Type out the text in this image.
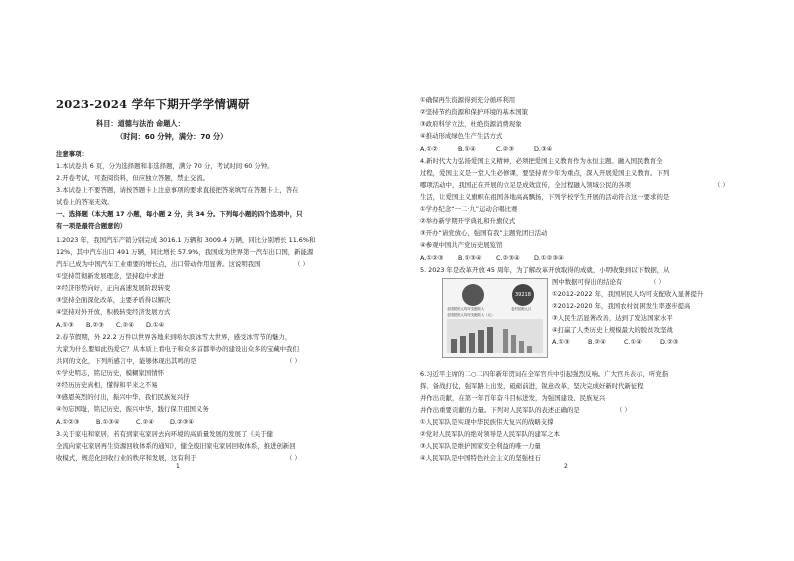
2023-2024 学年下期开学学情调研
科目：道德与法治 命题人：
（时间：60 分钟，满分：70 分）
注意事项：
1.本试卷共 6 页，分为选择题和非选择题，满分 70 分，考试时间 60 分钟。
2.开卷考试，可查阅资料，但应独立答题，禁止交流。
3.本试卷上不要答题，请按答题卡上注意事项的要求直接把答案填写在答题卡上，答在
试卷上的答案无效。
一、选择题（本大题 17 小题，每小题 2 分，共 34 分。下列每小题的四个选项中，只
有一项是最符合题意的）
1.2023 年，我国汽车产销分别完成 3016.1 万辆和 3009.4 万辆，同比分别增长 11.6%和
12%，其中汽车出口 491 万辆，同比增长 57.9%，我国成为世界第一汽车出口国，新能源
汽车已成为中国汽车工业重要的增长点，出口带动作用显著。这说明我国	（ ）
①坚持贯彻新发展理念，坚持稳中求进
②经济形势向好，正向高速发展阶段转变
③坚持全面深化改革，主要矛盾得以解决
④坚持对外开放，积极转变经济发展方式
A.①③ B.②③ C.②④ D.①④
2.春节假期，外 22.2 万件以世界各地来到哈尔滨冰雪大世界，感受冰雪节的魅力，
大家为什么要如此热爱它？从本质上看电子和众多首都举办的建设出众多的宝藏中我们
共同的文化，下列所感言中，能够体现出其鸣的是	（ ）
①学史明志，铭记历史，模糊家国情怀
②经历历史真相，懂得和平来之不易
③感恩英烈的付出，振兴中华，我们民族复兴抒
④勿忘国耻，铭记历史，振兴中华，践行保卫祖国义务
A.①②③	B.①③④	C.②④	D.②③④
3.关于家屯和家居，若有到家屯家居去向环境的高质量发展的发展了《关于健
全流向家屯家居再生资源回收体系的通知》，健全废旧家屯家居回收体系，推进创新回
收模式，规范化回收行业的秩序和发展，这有利于	（ ）
1
①确保再生资源得到充分循环利用
②坚持节约资源和保护环境的基本国策
③政府科学立法，杜绝资源消费现象
④推动形成绿色生产生活方式
A.①②	B.①④	C.②③	D.③④
4.新时代大力弘扬爱国主义精神，必须把爱国主义教育作为永恒主题。融入国民教育全
过程，爱国主义是一堂人生必修课，要坚持青少年为重点，深入开展爱国主义教育。下列
哪项活动中，我国正在开展的立足是成效宣传，全过程融入领域公民的各项
生活，让爱国主义旗帜在祖国各地高高飘扬，下列学校学生开展的活动符合这一要求的是
（ ）
①学办纪念“一二·九”运动合唱比赛
②举办新学期开学典礼和升旗仪式
③开办“请党放心，强国有我”主题党团日活动
④参观中国共产党历史展览馆
A.①②③ B.①③④ C.②③④ D.①②③④
5. 2023 年是改革开放 45 周年，为了解改革开放取得的成就，小明收集到以下数据，从
图中数据可得出的结论有	（ ）
全国居民人均可支配收入	农村贫困人口
39218
全国居民人均可支配收入（元）
①2012-2022 年，我国居民人均可支配收入显著提升
②2012-2020 年，我国农村贫困发生率逐步提高
③人民生活显著改善，达到了发达国家水平
④打赢了人类历史上规模最大的脱贫攻坚战
A.①③	B.②④	C.①④	D.②③
6.习近平主席的二○二四年新年贺词在全军官兵中引起强烈反响。广大官兵表示，听党指
挥、备战打仗，强军路上出发，砥砺前进，锐意改革，坚决完成好新时代新征程
并作出贡献，在第一年百年奋斗目标进发，为强国建设、民族复兴
并作出重要贡献的力量。下列对人民军队的表述正确的是	（ ）
①人民军队是实现中华民族伟大复兴的战略支撑
②党对人民军队的绝对领导是人民军队的建军之本
③人民军队是维护国家安全利益的唯一力量
④人民军队是中国特色社会主义的坚强柱石
2
